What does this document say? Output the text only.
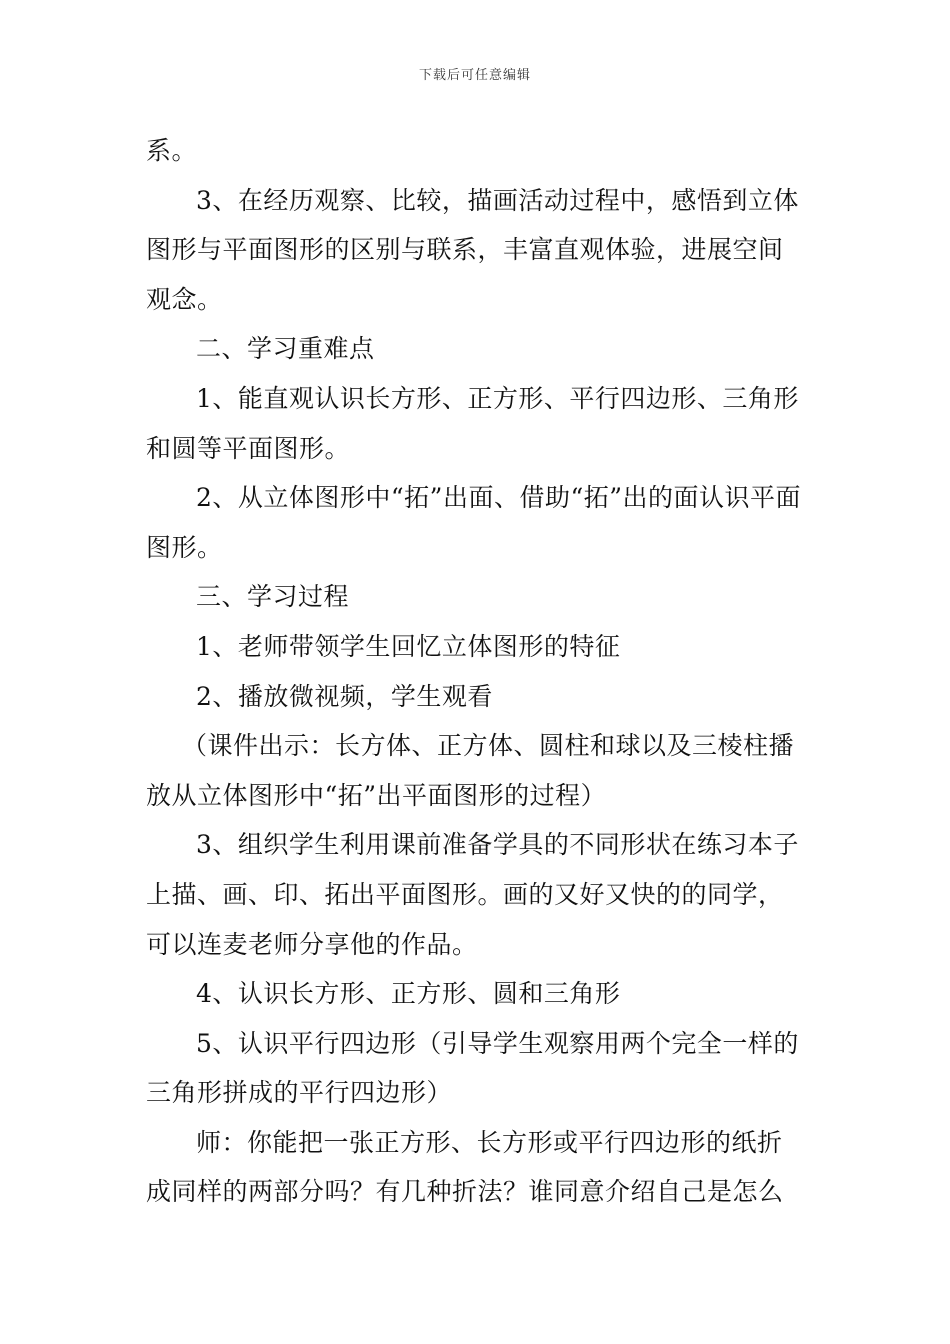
下载后可任意编辑

系。

3、在经历观察、比较，描画活动过程中，感悟到立体图形与平面图形的区别与联系，丰富直观体验，进展空间观念。

二、学习重难点

1、能直观认识长方形、正方形、平行四边形、三角形和圆等平面图形。

2、从立体图形中“拓”出面、借助“拓”出的面认识平面图形。

三、学习过程

1、老师带领学生回忆立体图形的特征

2、播放微视频，学生观看

（课件出示：长方体、正方体、圆柱和球以及三棱柱播放从立体图形中“拓”出平面图形的过程）

3、组织学生利用课前准备学具的不同形状在练习本子上描、画、印、拓出平面图形。画的又好又快的的同学，可以连麦老师分享他的作品。

4、认识长方形、正方形、圆和三角形

5、认识平行四边形（引导学生观察用两个完全一样的三角形拼成的平行四边形）

师：你能把一张正方形、长方形或平行四边形的纸折成同样的两部分吗？有几种折法？谁同意介绍自己是怎么
